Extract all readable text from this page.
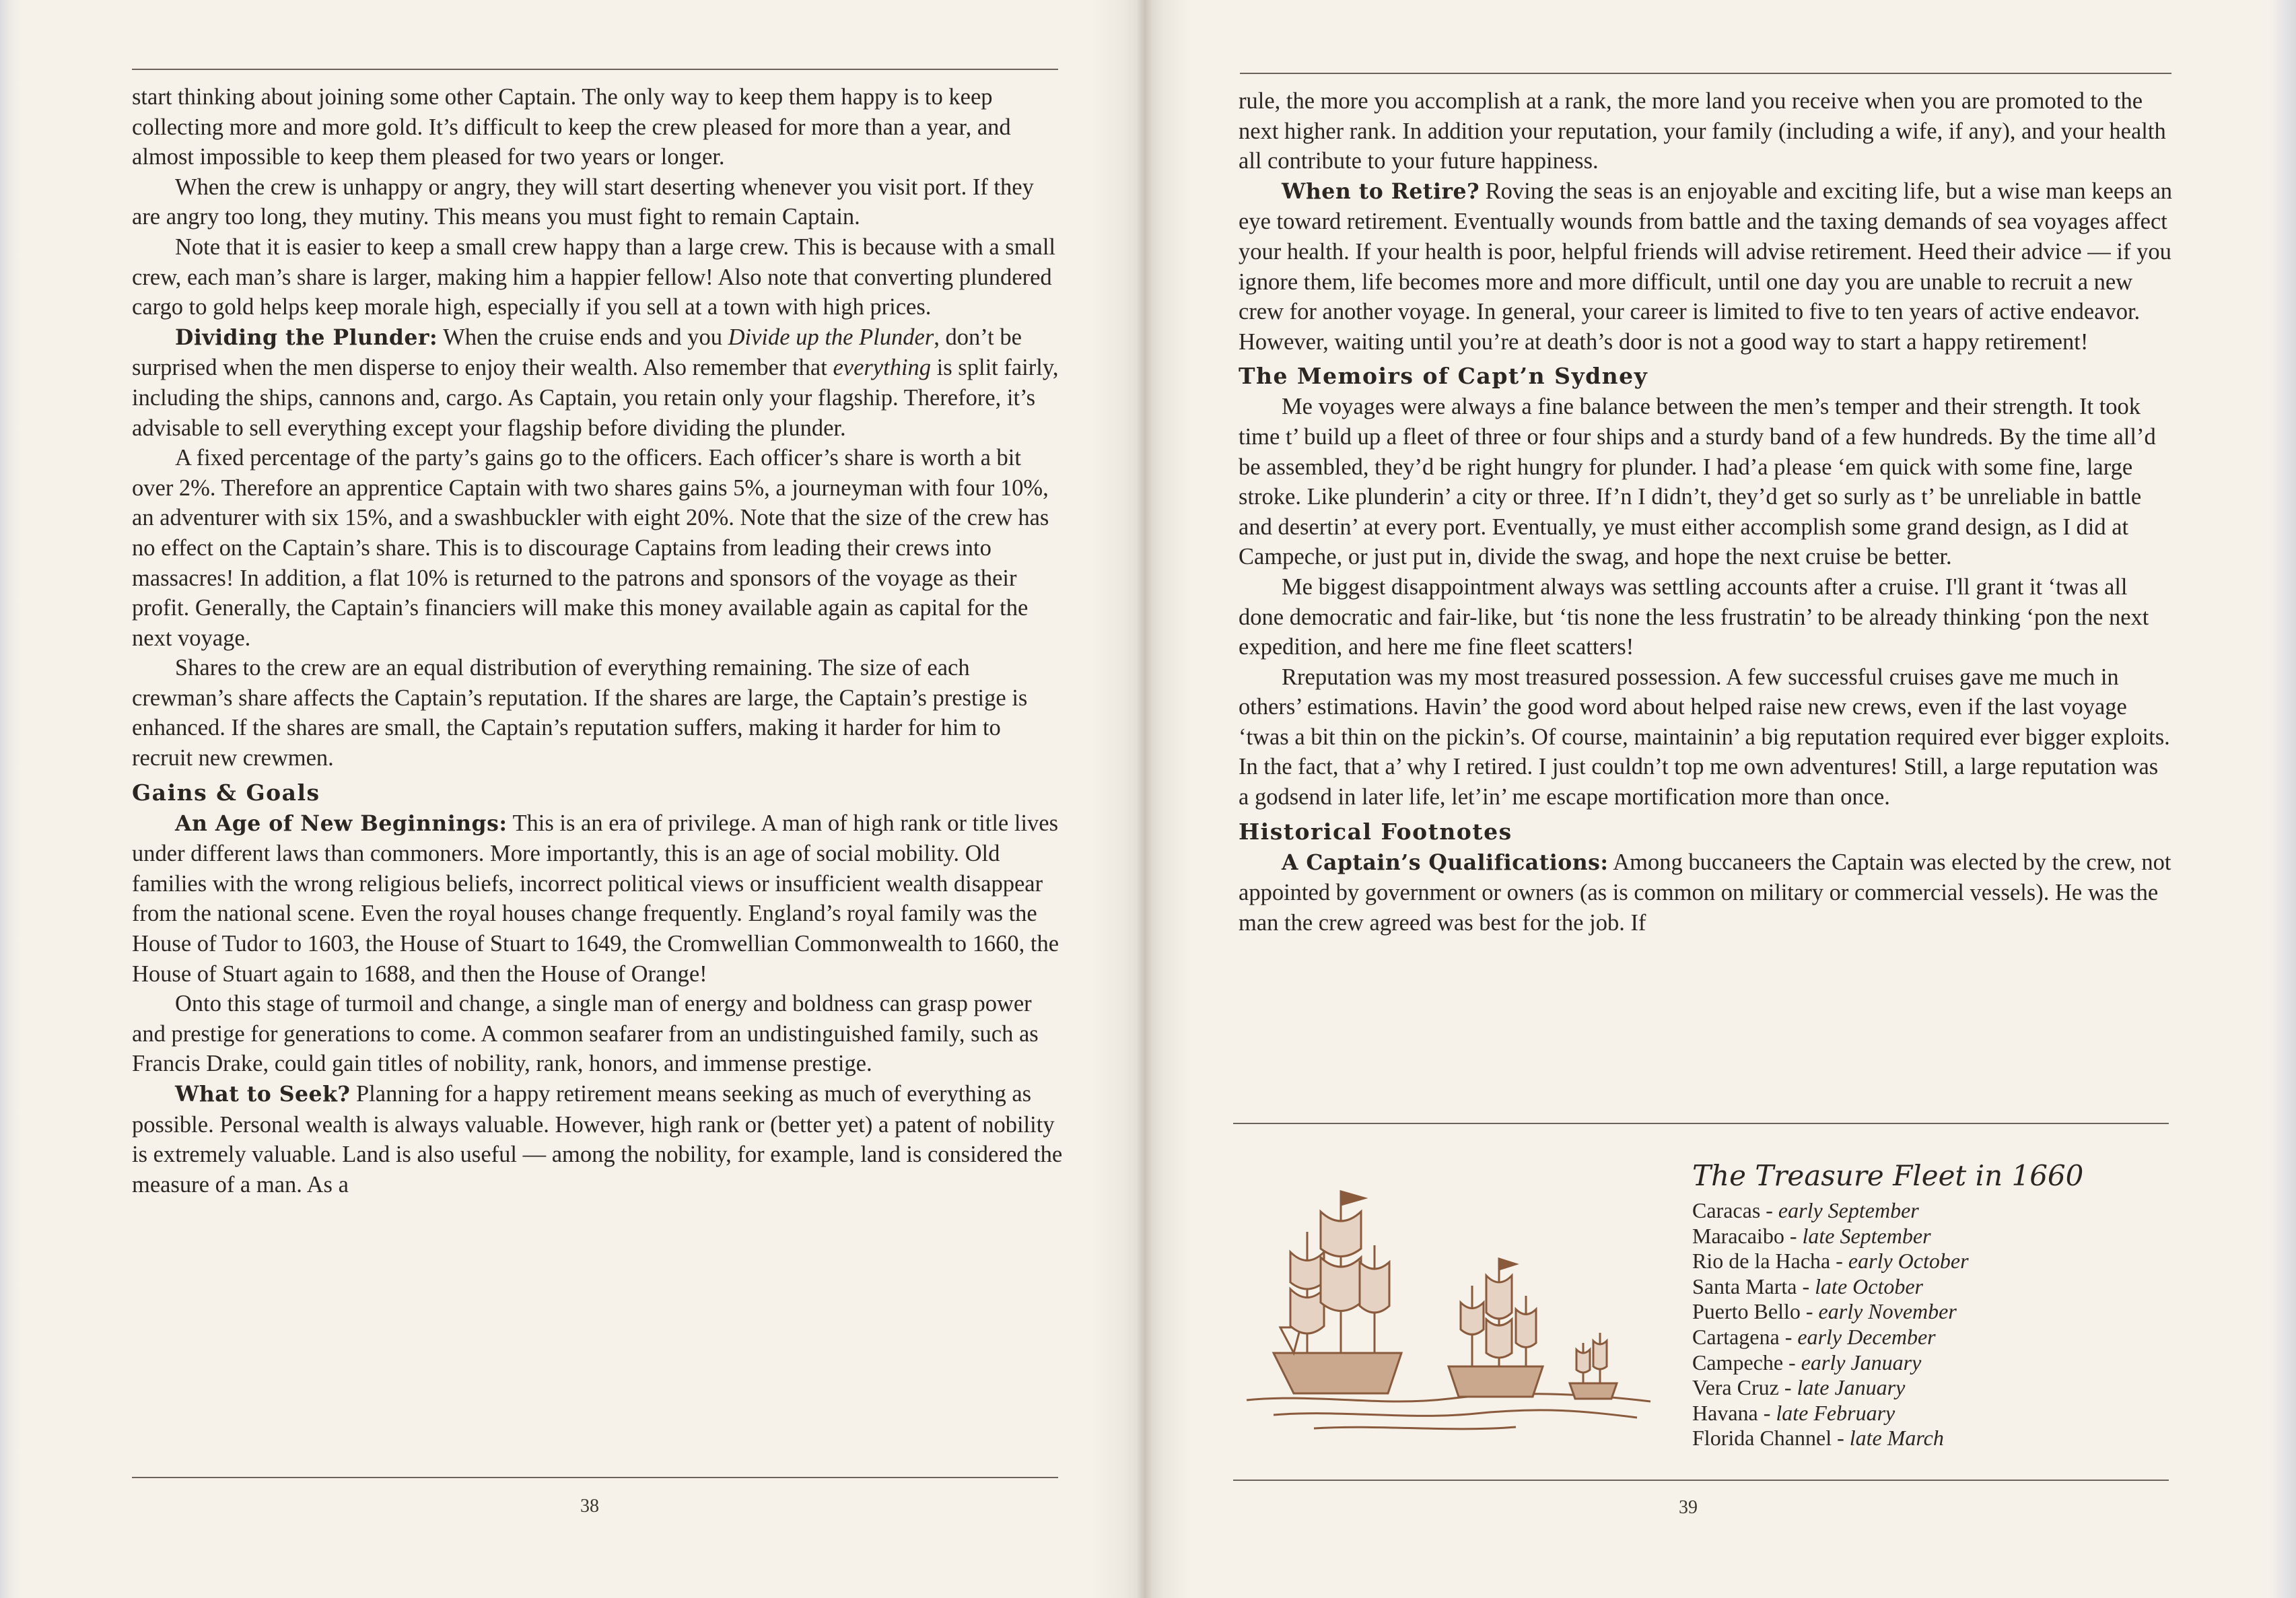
start thinking about joining some other Captain. The only way to keep them happy is to keep collecting more and more gold. It’s difficult to keep the crew pleased for more than a year, and almost impossible to keep them pleased for two years or longer.

When the crew is unhappy or angry, they will start deserting whenever you visit port. If they are angry too long, they mutiny. This means you must fight to remain Captain.

Note that it is easier to keep a small crew happy than a large crew. This is because with a small crew, each man’s share is larger, making him a happier fellow! Also note that converting plundered cargo to gold helps keep morale high, especially if you sell at a town with high prices.

Dividing the Plunder: When the cruise ends and you Divide up the Plunder, don’t be surprised when the men disperse to enjoy their wealth. Also remember that everything is split fairly, including the ships, cannons and, cargo. As Captain, you retain only your flagship. Therefore, it’s advisable to sell everything except your flagship before dividing the plunder.

A fixed percentage of the party’s gains go to the officers. Each officer’s share is worth a bit over 2%. Therefore an apprentice Captain with two shares gains 5%, a journeyman with four 10%, an adventurer with six 15%, and a swashbuckler with eight 20%. Note that the size of the crew has no effect on the Captain’s share. This is to discourage Captains from leading their crews into massacres! In addition, a flat 10% is returned to the patrons and sponsors of the voyage as their profit. Generally, the Captain’s financiers will make this money available again as capital for the next voyage.

Shares to the crew are an equal distribution of everything remaining. The size of each crewman’s share affects the Captain’s reputation. If the shares are large, the Captain’s prestige is enhanced. If the shares are small, the Captain’s reputation suffers, making it harder for him to recruit new crewmen.

Gains & Goals

An Age of New Beginnings: This is an era of privilege. A man of high rank or title lives under different laws than commoners. More importantly, this is an age of social mobility. Old families with the wrong religious beliefs, incorrect political views or insufficient wealth disappear from the national scene. Even the royal houses change frequently. England’s royal family was the House of Tudor to 1603, the House of Stuart to 1649, the Cromwellian Commonwealth to 1660, the House of Stuart again to 1688, and then the House of Orange!

Onto this stage of turmoil and change, a single man of energy and boldness can grasp power and prestige for generations to come. A common seafarer from an undistinguished family, such as Francis Drake, could gain titles of nobility, rank, honors, and immense prestige.

What to Seek? Planning for a happy retirement means seeking as much of everything as possible. Personal wealth is always valuable. However, high rank or (better yet) a patent of nobility is extremely valuable. Land is also useful — among the nobility, for example, land is considered the measure of a man. As a

38

rule, the more you accomplish at a rank, the more land you receive when you are promoted to the next higher rank. In addition your reputation, your family (including a wife, if any), and your health all contribute to your future happiness.

When to Retire? Roving the seas is an enjoyable and exciting life, but a wise man keeps an eye toward retirement. Eventually wounds from battle and the taxing demands of sea voyages affect your health. If your health is poor, helpful friends will advise retirement. Heed their advice — if you ignore them, life becomes more and more difficult, until one day you are unable to recruit a new crew for another voyage. In general, your career is limited to five to ten years of active endeavor. However, waiting until you’re at death’s door is not a good way to start a happy retirement!

The Memoirs of Capt’n Sydney

Me voyages were always a fine balance between the men’s temper and their strength. It took time t’ build up a fleet of three or four ships and a sturdy band of a few hundreds. By the time all’d be assembled, they’d be right hungry for plunder. I had’a please ‘em quick with some fine, large stroke. Like plunderin’ a city or three. If’n I didn’t, they’d get so surly as t’ be unreliable in battle and desertin’ at every port. Eventually, ye must either accomplish some grand design, as I did at Campeche, or just put in, divide the swag, and hope the next cruise be better.

Me biggest disappointment always was settling accounts after a cruise. I'll grant it ‘twas all done democratic and fair-like, but ‘tis none the less frustratin’ to be already thinking ‘pon the next expedition, and here me fine fleet scatters!

Rreputation was my most treasured possession. A few successful cruises gave me much in others’ estimations. Havin’ the good word about helped raise new crews, even if the last voyage ‘twas a bit thin on the pickin’s. Of course, maintainin’ a big reputation required ever bigger exploits. In the fact, that a’ why I retired. I just couldn’t top me own adventures! Still, a large reputation was a godsend in later life, let’in’ me escape mortification more than once.

Historical Footnotes

A Captain’s Qualifications: Among buccaneers the Captain was elected by the crew, not appointed by government or owners (as is common on military or commercial vessels). He was the man the crew agreed was best for the job. If

The Treasure Fleet in 1660
Caracas - early September
Maracaibo - late September
Rio de la Hacha - early October
Santa Marta - late October
Puerto Bello - early November
Cartagena - early December
Campeche - early January
Vera Cruz - late January
Havana - late February
Florida Channel - late March
39
